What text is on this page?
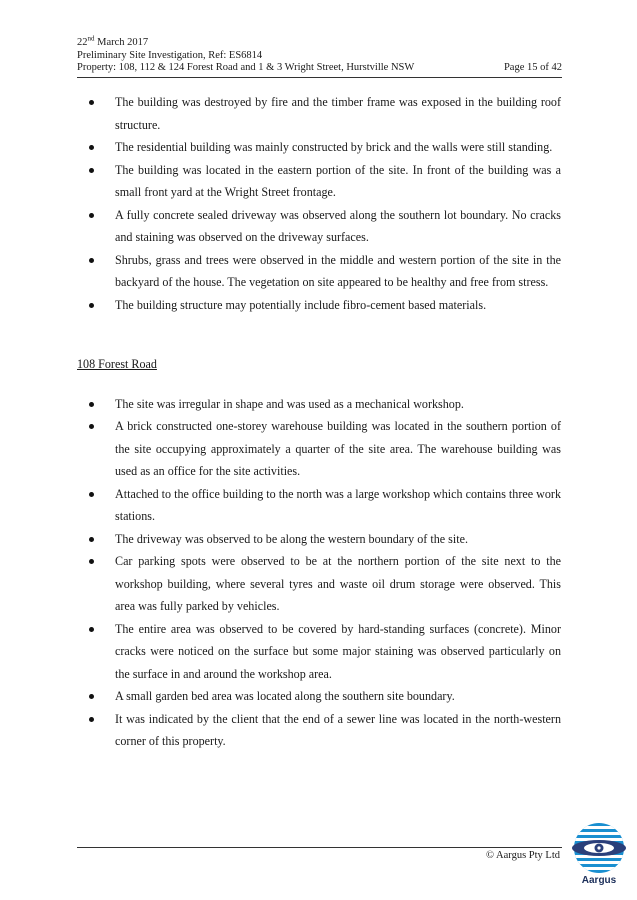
22nd March 2017
Preliminary Site Investigation, Ref: ES6814
Property: 108, 112 & 124 Forest Road and 1 & 3 Wright Street, Hurstville NSW	Page 15 of 42
The building was destroyed by fire and the timber frame was exposed in the building roof structure.
The residential building was mainly constructed by brick and the walls were still standing.
The building was located in the eastern portion of the site. In front of the building was a small front yard at the Wright Street frontage.
A fully concrete sealed driveway was observed along the southern lot boundary. No cracks and staining was observed on the driveway surfaces.
Shrubs, grass and trees were observed in the middle and western portion of the site in the backyard of the house. The vegetation on site appeared to be healthy and free from stress.
The building structure may potentially include fibro-cement based materials.
108 Forest Road
The site was irregular in shape and was used as a mechanical workshop.
A brick constructed one-storey warehouse building was located in the southern portion of the site occupying approximately a quarter of the site area. The warehouse building was used as an office for the site activities.
Attached to the office building to the north was a large workshop which contains three work stations.
The driveway was observed to be along the western boundary of the site.
Car parking spots were observed to be at the northern portion of the site next to the workshop building, where several tyres and waste oil drum storage were observed. This area was fully parked by vehicles.
The entire area was observed to be covered by hard-standing surfaces (concrete). Minor cracks were noticed on the surface but some major staining was observed particularly on the surface in and around the workshop area.
A small garden bed area was located along the southern site boundary.
It was indicated by the client that the end of a sewer line was located in the north-western corner of this property.
© Aargus Pty Ltd
Aargus
